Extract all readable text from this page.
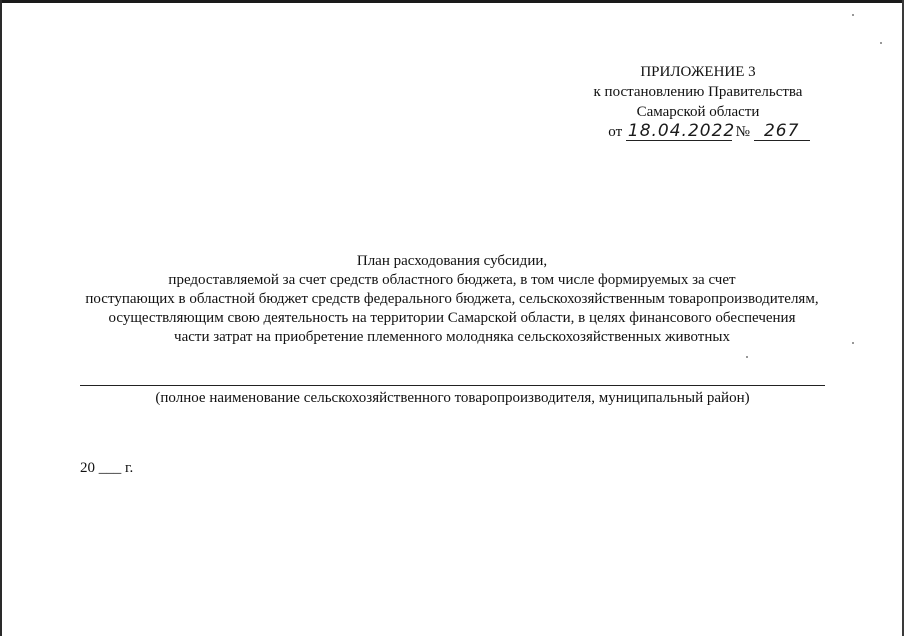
ПРИЛОЖЕНИЕ 3
к постановлению Правительства
Самарской области
от 18.04.2022 № 267
План расходования субсидии,
предоставляемой за счет средств областного бюджета, в том числе формируемых за счет
поступающих в областной бюджет средств федерального бюджета, сельскохозяйственным товаропроизводителям,
осуществляющим свою деятельность на территории Самарской области, в целях финансового обеспечения
части затрат на приобретение племенного молодняка сельскохозяйственных животных
(полное наименование сельскохозяйственного товаропроизводителя, муниципальный район)
20 ___ г.
